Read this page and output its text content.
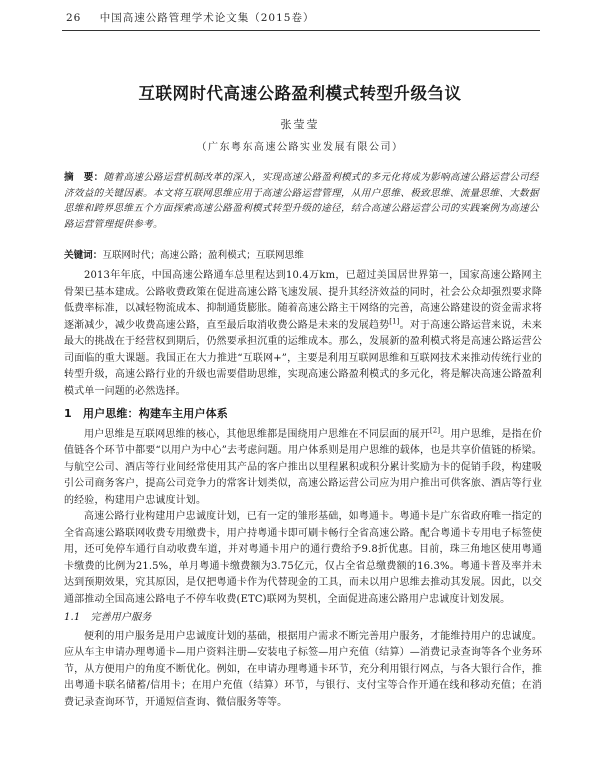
26 中国高速公路管理学术论文集（2015卷）
互联网时代高速公路盈利模式转型升级刍议
张莹莹
（广东粤东高速公路实业发展有限公司）
摘　要：随着高速公路运营机制改革的深入，实现高速公路盈利模式的多元化将成为影响高速公路运营公司经济效益的关键因素。本文将互联网思维应用于高速公路运营管理，从用户思维、极致思维、流量思维、大数据思维和跨界思维五个方面探索高速公路盈利模式转型升级的途径，结合高速公路运营公司的实践案例为高速公路运营管理提供参考。
关键词：互联网时代；高速公路；盈利模式；互联网思维

2013年年底，中国高速公路通车总里程达到10.4万km，已超过美国居世界第一，国家高速公路网主骨架已基本建成。公路收费政策在促进高速公路飞速发展、提升其经济效益的同时，社会公众却强烈要求降低费率标准，以减轻物流成本、抑制通货膨胀。随着高速公路主干网络的完善，高速公路建设的资金需求将逐渐减少，减少收费高速公路，直至最后取消收费公路是未来的发展趋势[1]。对于高速公路运营来说，未来最大的挑战在于经营权到期后，仍然要承担沉重的运维成本。那么，发展新的盈利模式将是高速公路运营公司面临的重大课题。我国正在大力推进“互联网+”，主要是利用互联网思维和互联网技术来推动传统行业的转型升级，高速公路行业的升级也需要借助思维，实现高速公路盈利模式的多元化，将是解决高速公路盈利模式单一问题的必然选择。

1　用户思维：构建车主用户体系

用户思维是互联网思维的核心，其他思维都是围绕用户思维在不同层面的展开[2]。用户思维，是指在价值链各个环节中都要“以用户为中心”去考虑问题。用户体系则是用户思维的载体，也是共享价值链的桥梁。与航空公司、酒店等行业间经常使用其产品的客户推出以里程累积或积分累计奖励为卡的促销手段，构建吸引公司商务客户，提高公司竞争力的常客计划类似，高速公路运营公司应为用户推出可供客旅、酒店等行业的经验，构建用户忠诚度计划。

高速公路行业构建用户忠诚度计划，已有一定的雏形基础，如粤通卡。粤通卡是广东省政府唯一指定的全省高速公路联网收费专用缴费卡，用户持粤通卡即可刷卡畅行全省高速公路。配合粤通卡专用电子标签使用，还可免停车通行自动收费车道，并对粤通卡用户的通行费给予9.8折优惠。目前，珠三角地区使用粤通卡缴费的比例为21.5%，单月粤通卡缴费额为3.75亿元，仅占全省总缴费额的16.3%。粤通卡普及率并未达到预期效果，究其原因，是仅把粤通卡作为代替现金的工具，而未以用户思维去推动其发展。因此，以交通部推动全国高速公路电子不停车收费(ETC)联网为契机，全面促进高速公路用户忠诚度计划发展。

1.1　完善用户服务

便利的用户服务是用户忠诚度计划的基础，根据用户需求不断完善用户服务，才能维持用户的忠诚度。应从车主申请办理粤通卡—用户资料注册—安装电子标签—用户充值（结算）—消费记录查询等各个业务环节，从方便用户的角度不断优化。例如，在申请办理粤通卡环节，充分利用银行网点，与各大银行合作，推出粤通卡联名储蓄/信用卡；在用户充值（结算）环节，与银行、支付宝等合作开通在线和移动充值；在消费记录查询环节，开通短信查询、微信服务等等。
